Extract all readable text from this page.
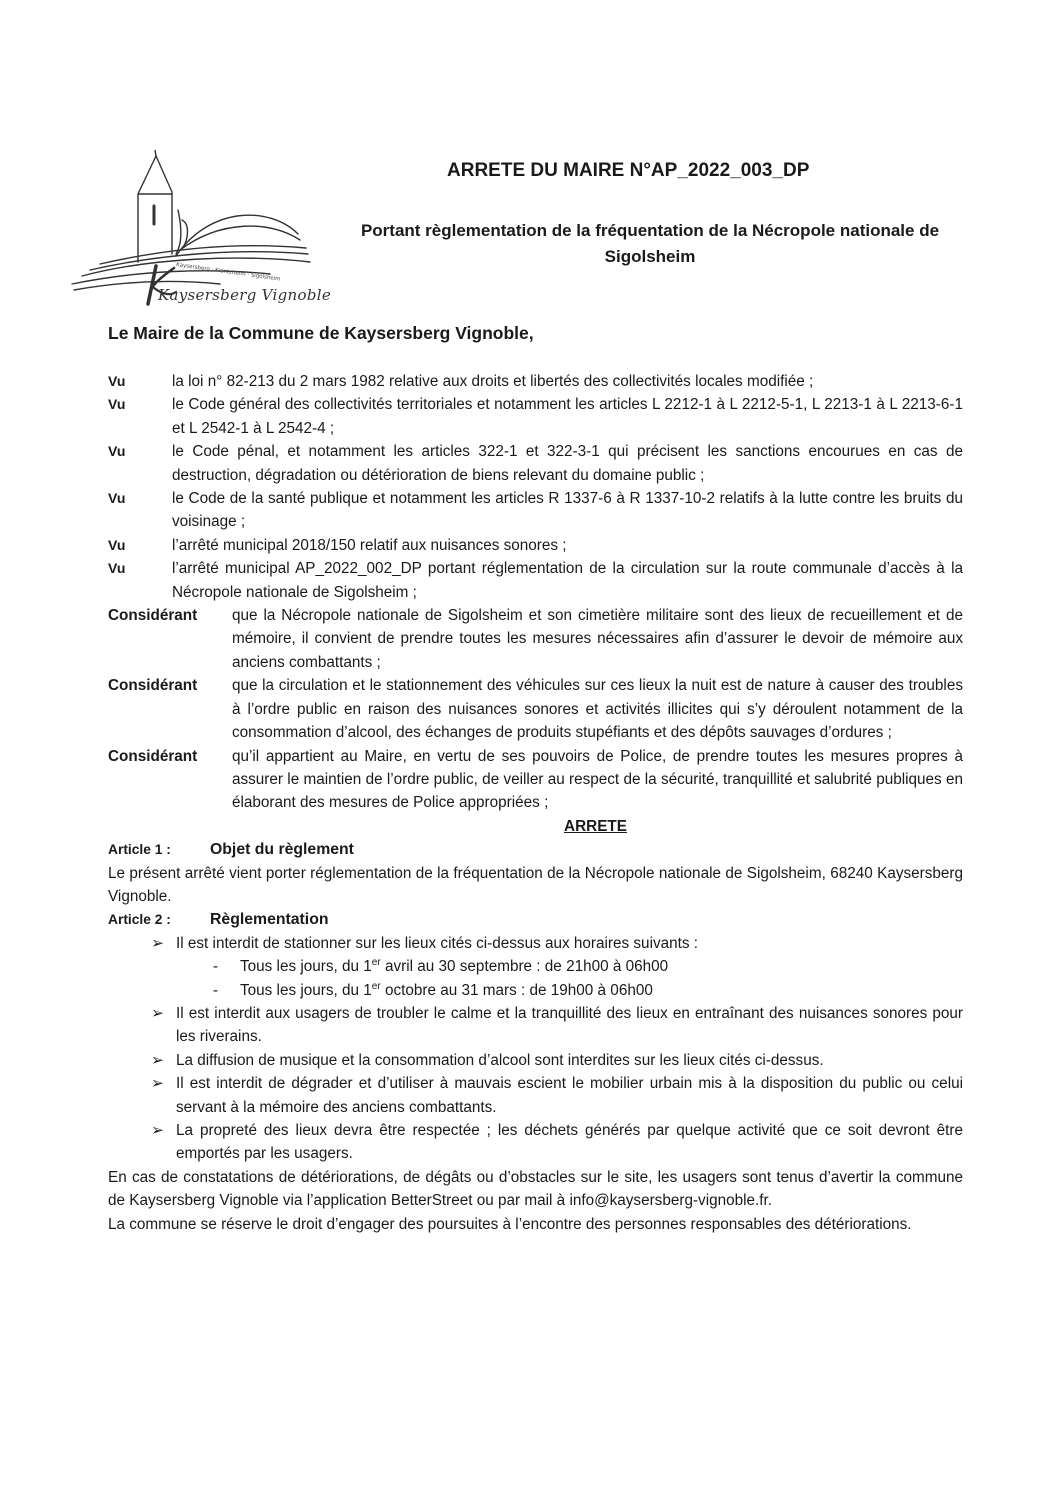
Kaysersberg · Kientzheim · Sigolsheim
Kaysersberg Vignoble
ARRETE DU MAIRE N°AP_2022_003_DP

Portant règlementation de la fréquentation de la Nécropole nationale de Sigolsheim

Le Maire de la Commune de Kaysersberg Vignoble,

Vu	la loi n° 82-213 du 2 mars 1982 relative aux droits et libertés des collectivités locales modifiée ;
Vu	le Code général des collectivités territoriales et notamment les articles L 2212-1 à L 2212-5-1, L 2213-1 à L 2213-6-1 et L 2542-1 à L 2542-4 ;
Vu	le Code pénal, et notamment les articles 322-1 et 322-3-1 qui précisent les sanctions encourues en cas de destruction, dégradation ou détérioration de biens relevant du domaine public ;
Vu	le Code de la santé publique et notamment les articles R 1337-6 à R 1337-10-2 relatifs à la lutte contre les bruits du voisinage ;
Vu	l’arrêté municipal 2018/150 relatif aux nuisances sonores ;
Vu	l’arrêté municipal AP_2022_002_DP portant réglementation de la circulation sur la route communale d’accès à la Nécropole nationale de Sigolsheim ;
Considérant	que la Nécropole nationale de Sigolsheim et son cimetière militaire sont des lieux de recueillement et de mémoire, il convient de prendre toutes les mesures nécessaires afin d’assurer le devoir de mémoire aux anciens combattants ;
Considérant	que la circulation et le stationnement des véhicules sur ces lieux la nuit est de nature à causer des troubles à l’ordre public en raison des nuisances sonores et activités illicites qui s’y déroulent notamment de la consommation d’alcool, des échanges de produits stupéfiants et des dépôts sauvages d’ordures ;
Considérant	qu’il appartient au Maire, en vertu de ses pouvoirs de Police, de prendre toutes les mesures propres à assurer le maintien de l’ordre public, de veiller au respect de la sécurité, tranquillité et salubrité publiques en élaborant des mesures de Police appropriées ;

ARRETE

Article 1 :	Objet du règlement
Le présent arrêté vient porter réglementation de la fréquentation de la Nécropole nationale de Sigolsheim, 68240 Kaysersberg Vignoble.
Article 2 :	Règlementation
➢ Il est interdit de stationner sur les lieux cités ci-dessus aux horaires suivants :
-	Tous les jours, du 1er avril au 30 septembre : de 21h00 à 06h00
-	Tous les jours, du 1er octobre au 31 mars : de 19h00 à 06h00
➢ Il est interdit aux usagers de troubler le calme et la tranquillité des lieux en entraînant des nuisances sonores pour les riverains.
➢ La diffusion de musique et la consommation d’alcool sont interdites sur les lieux cités ci-dessus.
➢ Il est interdit de dégrader et d’utiliser à mauvais escient le mobilier urbain mis à la disposition du public ou celui servant à la mémoire des anciens combattants.
➢ La propreté des lieux devra être respectée ; les déchets générés par quelque activité que ce soit devront être emportés par les usagers.
En cas de constatations de détériorations, de dégâts ou d’obstacles sur le site, les usagers sont tenus d’avertir la commune de Kaysersberg Vignoble via l’application BetterStreet ou par mail à info@kaysersberg-vignoble.fr.
La commune se réserve le droit d’engager des poursuites à l’encontre des personnes responsables des détériorations.
